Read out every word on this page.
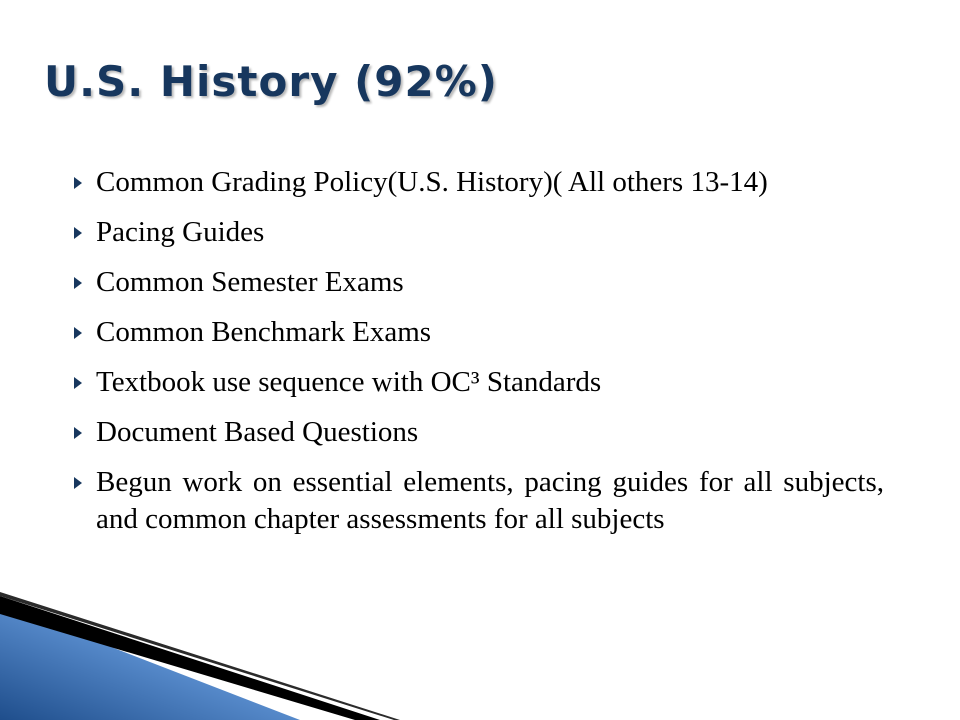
U.S. History (92%)
Common Grading Policy(U.S. History)( All others 13-14)
Pacing Guides
Common Semester Exams
Common Benchmark Exams
Textbook use sequence with OC³ Standards
Document Based Questions
Begun work on essential elements, pacing guides for all subjects, and common chapter assessments for all subjects
